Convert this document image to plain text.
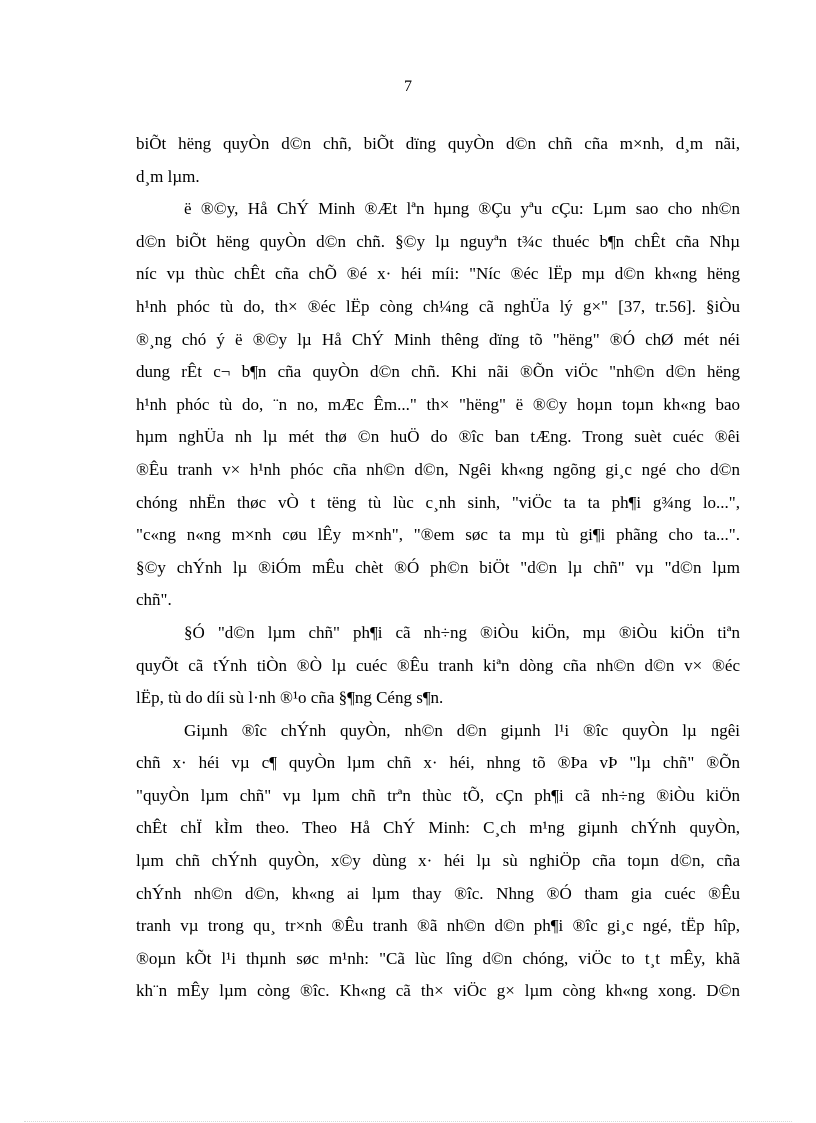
7
biÕt hëng quyÒn d©n chñ, biÕt dïng quyÒn d©n chñ cña m×nh, d¸m nãi,
d¸m lµm.
ë ®©y, Hå ChÝ Minh ®Æt lªn hµng ®Çu yªu cÇu: Lµm sao cho nh©n
d©n biÕt hëng quyÒn d©n chñ. §©y lµ nguyªn t¾c thuéc b¶n chÊt cña Nhµ
níc vµ thùc chÊt cña chÕ ®é x· héi míi: "Níc ®éc lËp mµ d©n kh«ng hëng
h¹nh phóc tù do, th× ®éc lËp còng ch¼ng cã nghÜa lý g×" [37, tr.56]. §iÒu
®¸ng chó ý ë ®©y lµ Hå ChÝ Minh thêng dïng tõ "hëng" ®Ó chØ mét néi
dung rÊt c¬ b¶n cña quyÒn d©n chñ. Khi nãi ®Õn viÖc "nh©n d©n hëng
h¹nh phóc tù do, ¨n no, mÆc Êm..." th× "hëng" ë ®©y hoµn toµn kh«ng bao
hµm nghÜa nh lµ mét thø ©n huÖ do ®îc ban tÆng. Trong suèt cuéc ®êi
®Êu tranh v× h¹nh phóc cña nh©n d©n, Ngêi kh«ng ngõng gi¸c ngé cho d©n
chóng nhËn thøc vÒ t tëng tù lùc c¸nh sinh, "viÖc ta ta ph¶i g¾ng lo...",
"c«ng n«ng m×nh cøu lÊy m×nh", "®em søc ta mµ tù gi¶i phãng cho ta...".
§©y chÝnh lµ ®iÓm mÊu chèt ®Ó ph©n biÖt "d©n lµ chñ" vµ "d©n lµm
chñ".
§Ó "d©n lµm chñ" ph¶i cã nh÷ng ®iÒu kiÖn, mµ ®iÒu kiÖn tiªn
quyÕt cã tÝnh tiÒn ®Ò lµ cuéc ®Êu tranh kiªn dòng cña nh©n d©n v× ®éc
lËp, tù do díi sù l·nh ®¹o cña §¶ng Céng s¶n.
Giµnh ®îc chÝnh quyÒn, nh©n d©n giµnh l¹i ®îc quyÒn lµ ngêi
chñ x· héi vµ c¶ quyÒn lµm chñ x· héi, nhng tõ ®Þa vÞ "lµ chñ" ®Õn
"quyÒn lµm chñ" vµ lµm chñ trªn thùc tÕ, cÇn ph¶i cã nh÷ng ®iÒu kiÖn
chÊt chÏ kÌm theo. Theo Hå ChÝ Minh: C¸ch m¹ng giµnh chÝnh quyÒn,
lµm chñ chÝnh quyÒn, x©y dùng x· héi lµ sù nghiÖp cña toµn d©n, cña
chÝnh nh©n d©n, kh«ng ai lµm thay ®îc. Nhng ®Ó tham gia cuéc ®Êu
tranh vµ trong qu¸ tr×nh ®Êu tranh ®ã nh©n d©n ph¶i ®îc gi¸c ngé, tËp hîp,
®oµn kÕt l¹i thµnh søc m¹nh: "Cã lùc lîng d©n chóng, viÖc to t¸t mÊy, khã
kh¨n mÊy lµm còng ®îc. Kh«ng cã th× viÖc g× lµm còng kh«ng xong. D©n
